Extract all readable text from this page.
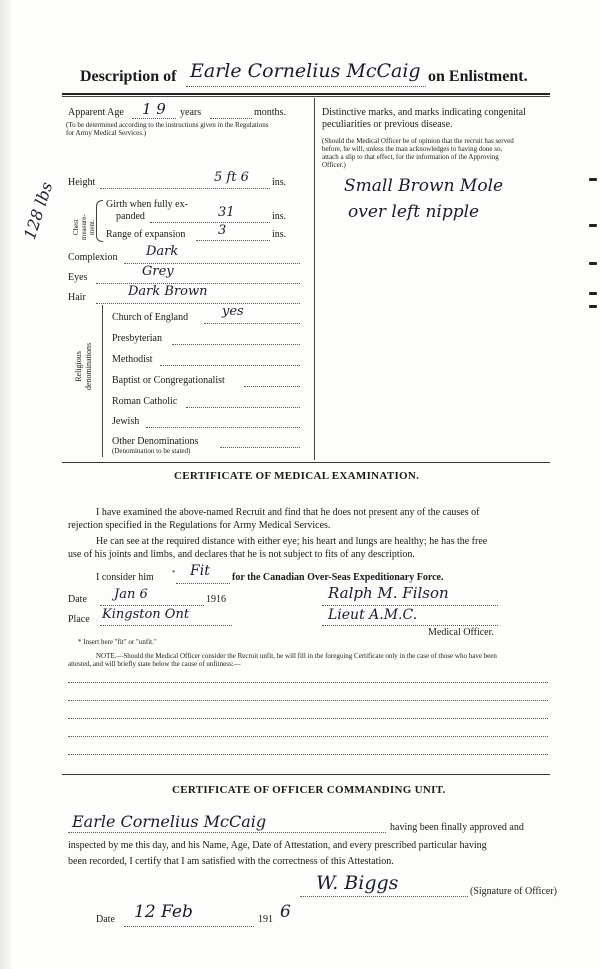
Description of Earle Cornelius McCaig on Enlistment.
Apparent Age 1 9 years	months.
(To be determined according to the instructions given in the Regulations
for Army Medical Services.)
Height	5 ft 6 ins.
128 lbs Chest measure- ment.
Girth when fully ex-
panded	31	ins.
Range of expansion	3	ins.
Complexion Dark
Eyes	Grey
Hair	Dark Brown
Religious denominations
Church of England	yes
Presbyterian
Methodist
Baptist or Congregationalist
Roman Catholic
Jewish
Other Denominations
(Denomination to be stated)
Distinctive marks, and marks indicating congenital
peculiarities or previous disease.
(Should the Medical Officer be of opinion that the recruit has served
before, he will, unless the man acknowledges to having done so,
attach a slip to that effect, for the information of the Approving
Officer.)
Small Brown Mole
over left nipple
CERTIFICATE OF MEDICAL EXAMINATION.
I have examined the above-named Recruit and find that he does not present any of the causes of
rejection specified in the Regulations for Army Medical Services.
He can see at the required distance with either eye; his heart and lungs are healthy; he has the free
use of his joints and limbs, and declares that he is not subject to fits of any description.
I consider him	* Fit for the Canadian Over-Seas Expeditionary Force.
Date Jan 6	1916	Ralph M. Filson
Place Kingston Ont	Lieut A.M.C.
Medical Officer.
* Insert here "fit" or "unfit."
NOTE.—Should the Medical Officer consider the Recruit unfit, he will fill in the foregoing Certificate only in the case of those who have been
attested, and will briefly state below the cause of unfitness:—
CERTIFICATE OF OFFICER COMMANDING UNIT.
Earle Cornelius McCaig	having been finally approved and
inspected by me this day, and his Name, Age, Date of Attestation, and every prescribed particular having
been recorded, I certify that I am satisfied with the correctness of this Attestation.
W. Biggs	(Signature of Officer)
Date 12 Feb	191 6
